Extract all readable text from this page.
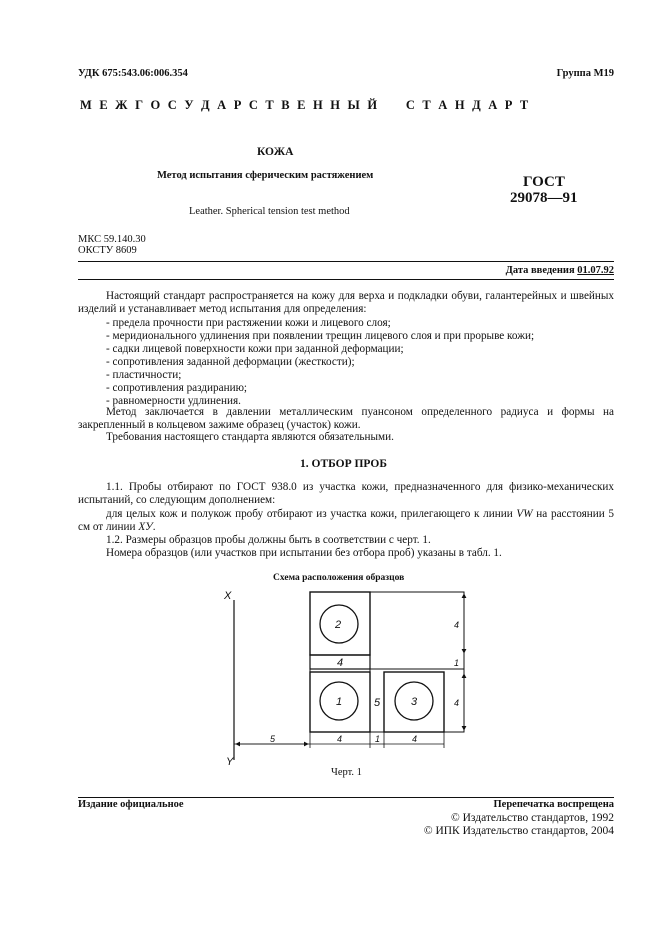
УДК 675:543.06:006.354	Группа М19
М Е Ж Г О С У Д А Р С Т В Е Н Н Ы Й     С Т А Н Д А Р Т
КОЖА
Метод испытания сферическим растяжением
Leather. Spherical tension test method
ГОСТ
29078—91
МКС 59.140.30
ОКСТУ 8609
Дата введения 01.07.92
Настоящий стандарт распространяется на кожу для верха и подкладки обуви, галантерейных и швейных изделий и устанавливает метод испытания для определения:
- предела прочности при растяжении кожи и лицевого слоя;
- меридионального удлинения при появлении трещин лицевого слоя и при прорыве кожи;
- садки лицевой поверхности кожи при заданной деформации;
- сопротивления заданной деформации (жесткости);
- пластичности;
- сопротивления раздиранию;
- равномерности удлинения.
Метод заключается в давлении металлическим пуансоном определенного радиуса и формы на закрепленный в кольцевом зажиме образец (участок) кожи.
Требования настоящего стандарта являются обязательными.
1. ОТБОР ПРОБ
1.1. Пробы отбирают по ГОСТ 938.0 из участка кожи, предназначенного для физико-механических испытаний, со следующим дополнением:
для целых кож и полукож пробу отбирают из участка кожи, прилегающего к линии VW на расстоянии 5 см от линии ХУ.
1.2. Размеры образцов пробы должны быть в соответствии с черт. 1.
Номера образцов (или участков при испытании без отбора проб) указаны в табл. 1.
Схема расположения образцов
X
Y
2
1	3
4
5
5	4	1	4
4
1
4
Черт. 1
Издание официальное	Перепечатка воспрещена
© Издательство стандартов, 1992
© ИПК Издательство стандартов, 2004
